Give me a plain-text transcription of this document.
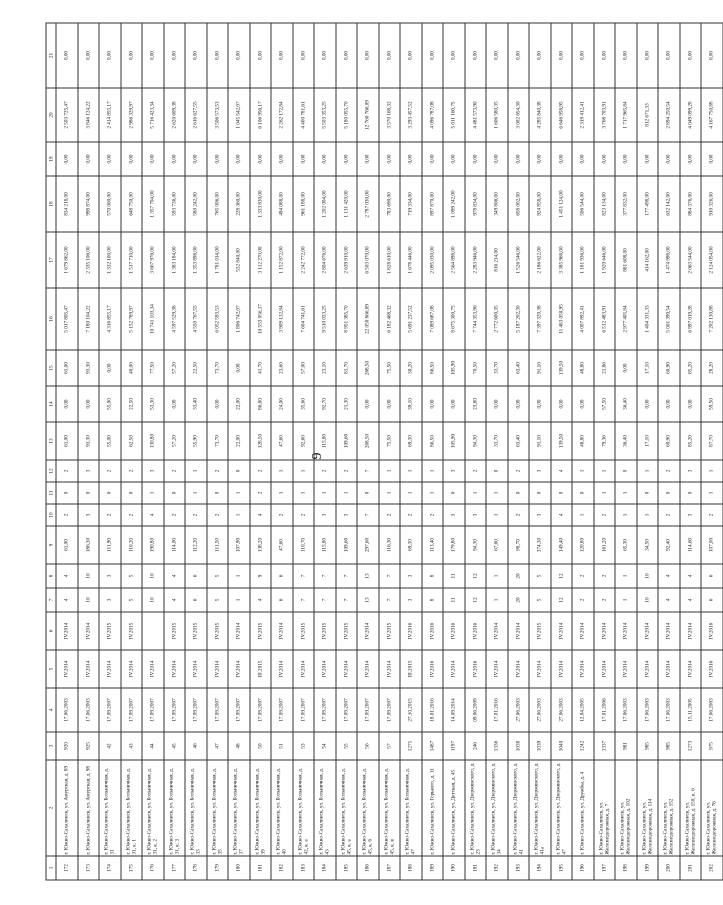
9
1	2	3	4	5	6	7	8	9	10	11	12	13	14	15	16	17	18	19	20	21
172	г. Южно-Сахалинск, ул. Амурская, д. 89	920	17.06.2003	IV.2014	IV.2014	4	4	61,00	2	0	2	61,00	0,00	61,00	5 017 805,47	1 679 862,00	834 218,00	0,00	2 503 725,47	0,00
173	г. Южно-Сахалинск, ул. Амурская, д. 98	925	17.06.2003	IV.2014	IV.2014	10	10	186,30	3	0	3	93,30	0,00	93,30	7 180 104,22	2 335 106,00	998 874,00	0,00	3 846 124,22	0,00
174	г. Южно-Сахалинск, ул. Больничная, д. 31	42	17.09.2007	IV.2014	IV.2015	3	3	111,90	2	0	2	55,00	55,00	0,00	4 316 855,17	1 332 100,00	570 000,00	0,00	2 414 855,17	0,00
175	г. Южно-Сахалинск, ул. Больничная, д. 31, к. 1	43	17.09.2007	IV.2014	IV.2015	5	5	110,20	2	0	2	62,50	22,50	40,00	5 152 789,97	1 517 710,00	648 750,00	0,00	2 986 329,97	0,00
176	г. Южно-Сахалинск, ул. Больничная, д. 31, к. 2	44	17.09.2007	IV.2014		10	10	190,80	4	1	3	130,80	53,30	77,50	10 741 103,34	3 667 976,00	1 357 704,00	0,00	5 716 423,34	0,00
177	г. Южно-Сахалинск, ул. Больничная, д. 31, к. 3	45	17.09.2007	IV.2014	IV.2015	4	4	114,00	2	0	2	57,20	0,00	57,20	4 597 529,38	1 383 184,00	593 736,00	0,00	2 620 609,38	0,00
178	г. Южно-Сахалинск, ул. Больничная, д. 33	46	17.09.2007	IV.2014	IV.2015	6	6	112,20	2	1	1	55,90	33,40	22,50	4 550 767,55	1 353 898,00	580 242,00	0,00	2 616 627,55	0,00
179	г. Южно-Сахалинск, ул. Больничная, д. 35	47	17.09.2007	IV.2014	IV.2015	5	5	111,50	2	0	2	73,70	0,00	73,70	6 052 593,53	1 781 014,00	765 006,00	0,00	3 506 573,53	0,00
180	г. Южно-Сахалинск, ул. Больничная, д. 37	48	17.09.2007	IV.2014	IV.2014	1	1	107,90	1	1	0	22,00	22,00	0,00	1 806 742,07	532 840,00	228 360,00	0,00	1 045 542,07	0,00
181	г. Южно-Сахалинск, ул. Больничная, д. 39	50	17.09.2007	III.2015	IV.2015	4	9	138,20	4	2	2	128,50	86,80	41,70	10 553 056,17	3 112 270,00	1 333 830,00	0,00	6 106 956,17	0,00
182	г. Южно-Сахалинск, ул. Больничная, д. 40	51	17.09.2007	IV.2014	IV.2014	6	6	47,60	2	1	1	47,60	24,00	23,60	3 909 132,84	1 152 872,00	494 088,00	0,00	2 262 172,84	0,00
183	г. Южно-Сахалинск, ул. Больничная, д. 42, к. а	53	17.09.2007	IV.2014	IV.2015	7	7	110,70	2	1	1	92,60	35,60	57,00	7 604 741,61	2 242 772,00	961 188,00	0,00	4 400 781,61	0,00
184	г. Южно-Сахалинск, ул. Больничная, д. 43	54	17.09.2007	IV.2014	IV.2015	7	7	115,80	3	1	2	115,80	92,70	23,10	9 510 033,25	2 804 676,00	1 202 004,00	0,00	5 503 353,25	0,00
185	г. Южно-Сахалинск, ул. Больничная, д. 45, к. а	55	17.09.2007	IV.2014	IV.2015	7	7	109,60	3	1	2	109,60	21,30	81,70	8 951 385,70	2 639 910,00	1 131 420,00	0,00	5 180 055,70	0,00
186	г. Южно-Сахалинск, ул. Больничная, д. 45, к. б	56	17.09.2007	IV.2014	IV.2014	13	13	297,60	7	0	7	268,50	0,00	268,50	22 050 866,09	6 503 070,00	2 787 030,00	0,00	12 760 766,09	0,00
187	г. Южно-Сахалинск, ул. Больничная, д. 45, к. в	57	17.09.2007	IV.2014	IV.2015	7	7	116,30	2	1	1	75,50	0,00	75,50	6 182 468,32	1 828 610,00	783 690,00	0,00	3 570 168,32	0,00
188	г. Южно-Сахалинск, ул. Больничная, д. 47	1271	27.10.2015	III.2015	IV.2016	3	3	69,30	2	1	1	69,30	39,10	30,20	5 691 237,52	1 678 446,00	719 334,00	0,00	3 293 457,52	0,00
189	г. Южно-Сахалинск, ул. Горького, д. 11	1487	18.01.2016	IV.2016	IV.2016	8	8	113,40	2	1	1	86,50	0,00	86,50	7 089 687,08	2 095 030,00	897 870,00	0,00	4 096 787,08	0,00
190	г. Южно-Сахалинск, ул. Детская, д. 45	1197	14.09.2014	IV.2014	IV.2016	11	11	179,80	3	0	3	105,90	0,00	105,90	8 675 300,75	2 564 898,00	1 099 242,00	0,00	5 011 160,75	0,00
191	г. Южно-Сахалинск, ул. Дзержинского, д. 23	246	09.06.2009	IV.2016	IV.2016	12	12	94,30	3	1	2	94,30	23,80	70,50	7 744 353,90	2 283 946,00	978 834,00	0,00	4 481 573,90	0,00
192	г. Южно-Сахалинск, ул. Дзержинского, д. 34	1336	17.01.2016	IV.2014	IV.2014	1	1	67,60	1	1	0	33,70	0,00	33,70	2 772 600,35	816 214,00	349 806,00	0,00	1 606 580,35	0,00
193	г. Южно-Сахалинск, ул. Дзержинского, д. 41	1038	27.06.2003	IV.2014	IV.2014	20	20	90,70	2	0	2	63,40	0,00	63,40	5 187 202,30	1 526 546,00	658 002,00	0,00	3 002 654,30	0,00
194	г. Южно-Сахалинск, ул. Дзержинского, д. 41а	1039	27.06.2003	IV.2014	IV.2015	5	5	374,30	3	0	3	91,10	0,00	91,10	7 397 320,38	2 186 622,00	924 858,00	0,00	4 285 840,38	0,00
195	г. Южно-Сахалинск, ул. Дзержинского, д. 47	1040	27.06.2003	IV.2014	IV.2014	12	12	149,40	4	0	4	139,50	0,00	139,50	11 483 050,95	3 385 968,00	1 451 124,00	0,00	6 646 958,95	0,00
196	г. Южно-Сахалинск, ул. Дружбы, д. 4	1242	12.04.2005	IV.2014	IV.2014	2	2	120,80	1	0	1	48,80	0,00	48,80	4 007 892,41	1 181 936,00	506 544,00	0,00	2 319 412,41	0,00
197	г. Южно-Сахалинск, ул. Железнодорожная, д. 7	1337	17.01.2006	IV.2014	IV.2014	2	2	161,20	2	1	1	79,36	57,50	21,86	6 512 483,91	1 920 646,00	823 134,00	0,00	3 768 703,91	0,00
198	г. Южно-Сахалинск, ул. Железнодорожная, д. 102	981	17.06.2003	IV.2014	IV.2014	1	1	65,30	1	1	0	36,40	36,40	0,00	2 977 405,84	881 608,00	377 832,00	0,00	1 717 965,84	0,00
199	г. Южно-Сахалинск, ул. Железнодорожная, д. 114	985	17.06.2003	IV.2014	IV.2014	10	10	34,50	1	0	1	17,10	0,00	17,10	1 404 331,33	414 162,00	177 498,00	0,00	812 671,33	0,00
200	г. Южно-Сахалинск, ул. Железнодорожная, д. 152	985	17.06.2003	IV.2014	IV.2014	4	4	92,40	2	0	2	60,90	0,00	60,90	5 001 390,54	1 474 998,00	632 142,00	0,00	2 894 250,54	0,00
201	г. Южно-Сахалинск, ул. Железнодорожная, д. 150, к. 6	1273	15.11.2005	IV.2014	IV.2014	4	4	114,60	3	0	3	85,20	0,00	85,20	6 997 019,28	2 063 544,00	884 376,00	0,00	4 049 099,28	0,00
202	г. Южно-Сахалинск, ул. Железнодорожная, д. 76	975	17.06.2003	IV.2016	IV.2016	6	6	107,00	2	1	1	87,70	59,50	28,20	7 202 130,88	2 124 054,00	910 326,00	0,00	4 167 750,88	0,00
